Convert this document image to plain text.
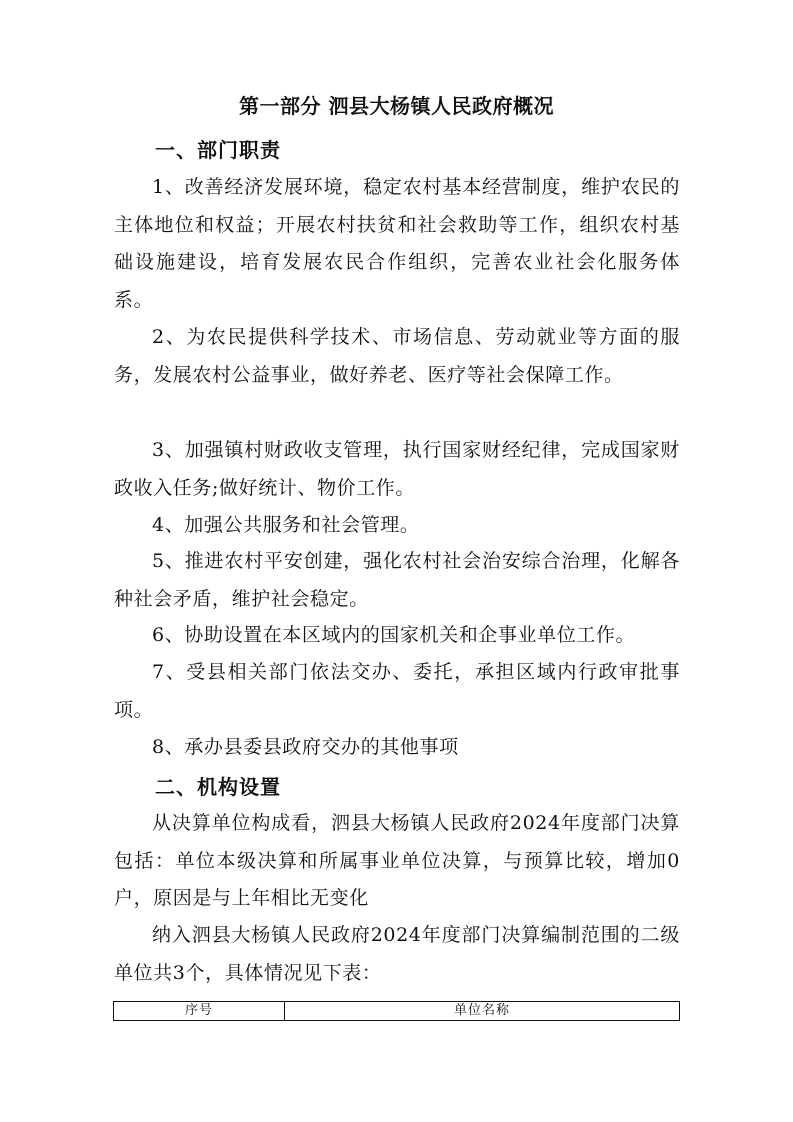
第一部分 泗县大杨镇人民政府概况
一、部门职责

1、改善经济发展环境，稳定农村基本经营制度，维护农民的主体地位和权益；开展农村扶贫和社会救助等工作，组织农村基础设施建设，培育发展农民合作组织，完善农业社会化服务体系。

2、为农民提供科学技术、市场信息、劳动就业等方面的服务，发展农村公益事业，做好养老、医疗等社会保障工作。

3、加强镇村财政收支管理，执行国家财经纪律，完成国家财政收入任务;做好统计、物价工作。

4、加强公共服务和社会管理。

5、推进农村平安创建，强化农村社会治安综合治理，化解各种社会矛盾，维护社会稳定。

6、协助设置在本区域内的国家机关和企事业单位工作。

7、受县相关部门依法交办、委托，承担区域内行政审批事项。

8、承办县委县政府交办的其他事项

二、机构设置

从决算单位构成看，泗县大杨镇人民政府2024年度部门决算包括：单位本级决算和所属事业单位决算，与预算比较，增加0户，原因是与上年相比无变化

纳入泗县大杨镇人民政府2024年度部门决算编制范围的二级单位共3个，具体情况见下表：

序号	单位名称
